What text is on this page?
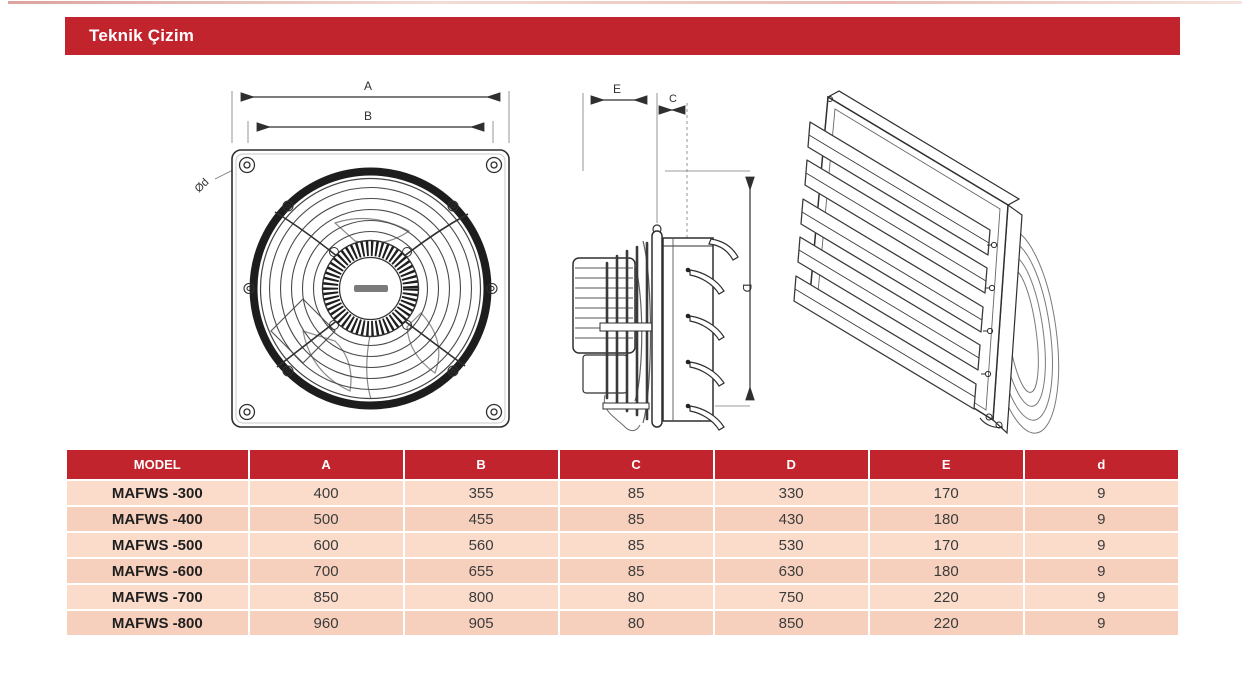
Teknik Çizim
A
B
Ød
E
C
D
MODEL	A	B	C	D	E	d
MAFWS -300	400	355	85	330	170	9
MAFWS -400	500	455	85	430	180	9
MAFWS -500	600	560	85	530	170	9
MAFWS -600	700	655	85	630	180	9
MAFWS -700	850	800	80	750	220	9
MAFWS -800	960	905	80	850	220	9
